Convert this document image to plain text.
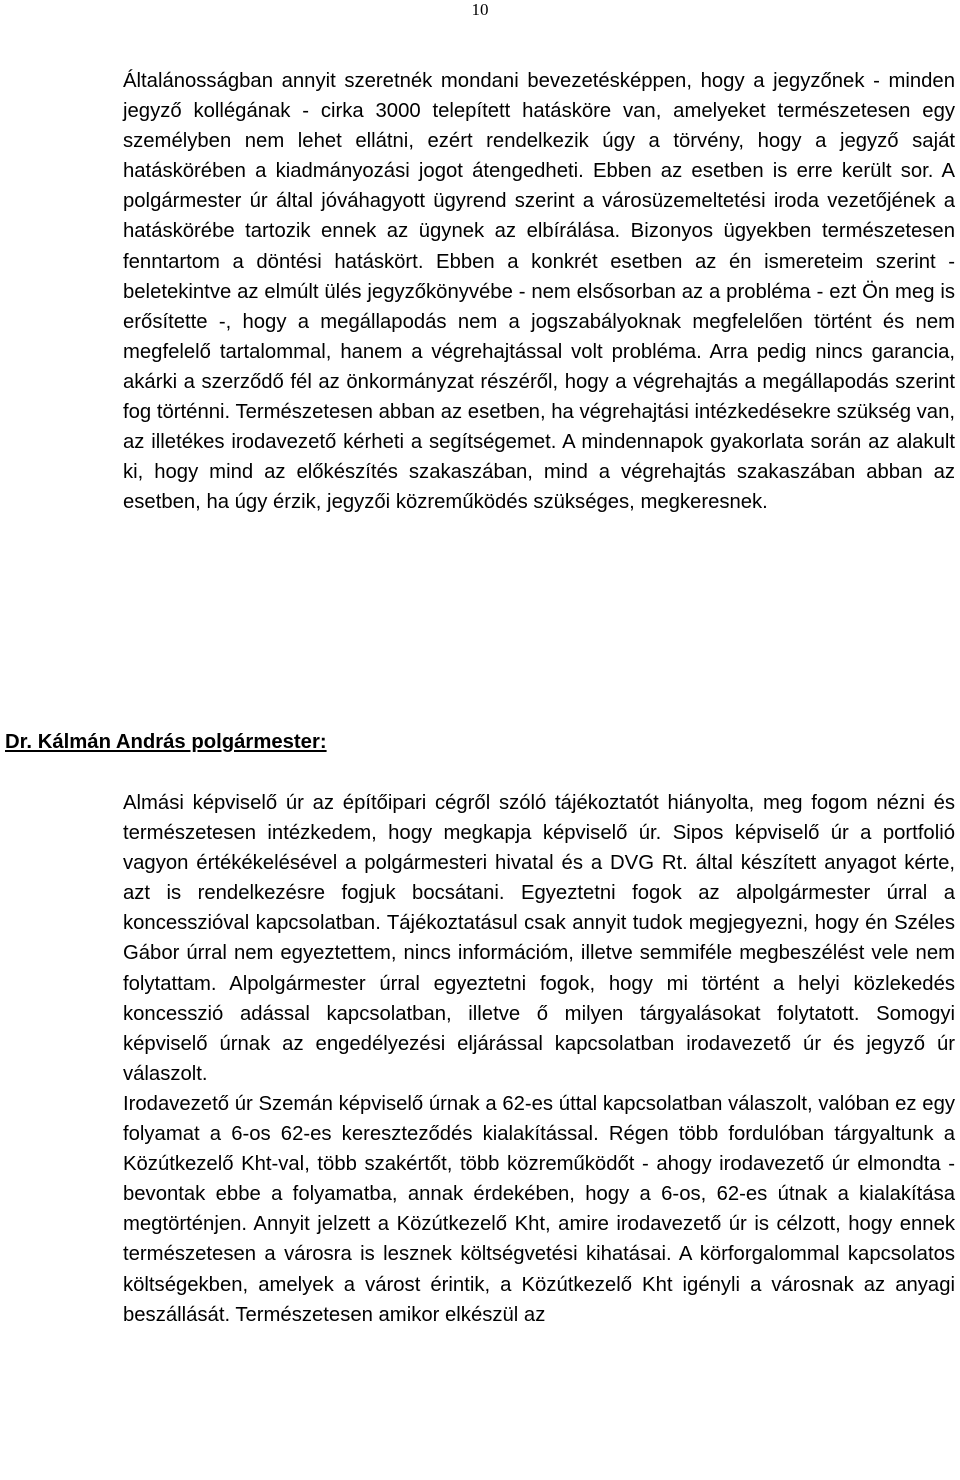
10

Általánosságban annyit szeretnék mondani bevezetésképpen, hogy a jegyzőnek - minden jegyző kollégának - cirka 3000 telepített hatásköre van, amelyeket természetesen egy személyben nem lehet ellátni, ezért rendelkezik úgy a törvény, hogy a jegyző saját hatáskörében a kiadmányozási jogot átengedheti. Ebben az esetben is erre került sor. A polgármester úr által jóváhagyott ügyrend szerint a városüzemeltetési iroda vezetőjének a hatáskörébe tartozik ennek az ügynek az elbírálása. Bizonyos ügyekben természetesen fenntartom a döntési hatáskört. Ebben a konkrét esetben az én ismereteim szerint - beletekintve az elmúlt ülés jegyzőkönyvébe - nem elsősorban az a probléma - ezt Ön meg is erősítette -, hogy a megállapodás nem a jogszabályoknak megfelelően történt és nem megfelelő tartalommal, hanem a végrehajtással volt probléma. Arra pedig nincs garancia, akárki a szerződő fél az önkormányzat részéről, hogy a végrehajtás a megállapodás szerint fog történni. Természetesen abban az esetben, ha végrehajtási intézkedésekre szükség van, az illetékes irodavezető kérheti a segítségemet. A mindennapok gyakorlata során az alakult ki, hogy mind az előkészítés szakaszában, mind a végrehajtás szakaszában abban az esetben, ha úgy érzik, jegyzői közreműködés szükséges, megkeresnek.

Dr. Kálmán András polgármester:

Almási képviselő úr az építőipari cégről szóló tájékoztatót hiányolta, meg fogom nézni és természetesen intézkedem, hogy megkapja képviselő úr. Sipos képviselő úr a portfolió vagyon értékékelésével a polgármesteri hivatal és a DVG Rt. által készített anyagot kérte, azt is rendelkezésre fogjuk bocsátani. Egyeztetni fogok az alpolgármester úrral a koncesszióval kapcsolatban. Tájékoztatásul csak annyit tudok megjegyezni, hogy én Széles Gábor úrral nem egyeztettem, nincs információm, illetve semmiféle megbeszélést vele nem folytattam. Alpolgármester úrral egyeztetni fogok, hogy mi történt a helyi közlekedés koncesszió adással kapcsolatban, illetve ő milyen tárgyalásokat folytatott. Somogyi képviselő úrnak az engedélyezési eljárással kapcsolatban irodavezető úr és jegyző úr válaszolt.

Irodavezető úr Szemán képviselő úrnak a 62-es úttal kapcsolatban válaszolt, valóban ez egy folyamat a 6-os 62-es kereszteződés kialakítással. Régen több fordulóban tárgyaltunk a Közútkezelő Kht-val, több szakértőt, több közreműködőt - ahogy irodavezető úr elmondta - bevontak ebbe a folyamatba, annak érdekében, hogy a 6-os, 62-es útnak a kialakítása megtörténjen. Annyit jelzett a Közútkezelő Kht, amire irodavezető úr is célzott, hogy ennek természetesen a városra is lesznek költségvetési kihatásai. A körforgalommal kapcsolatos költségekben, amelyek a várost érintik, a Közútkezelő Kht igényli a városnak az anyagi beszállását. Természetesen amikor elkészül az
